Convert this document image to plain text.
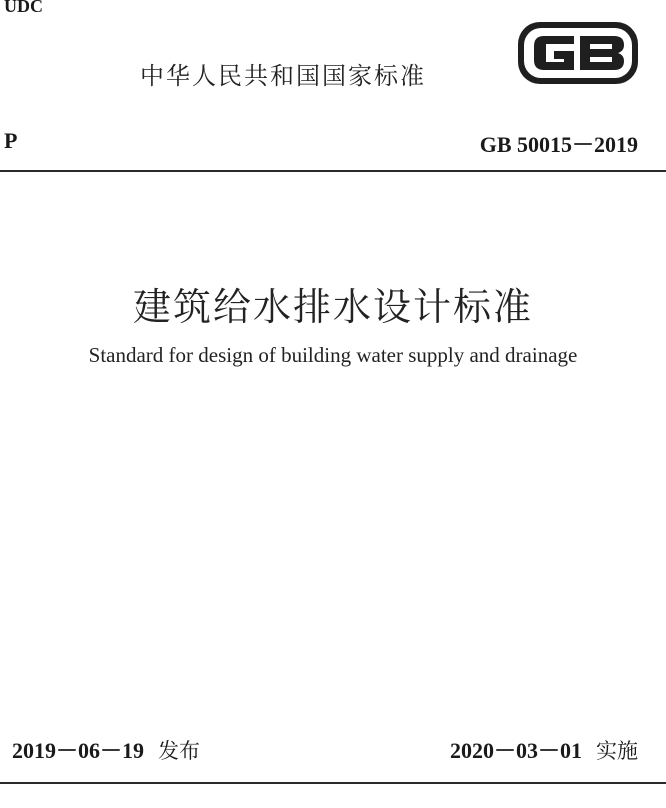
UDC
中华人民共和国国家标准
P	GB 50015－2019
建筑给水排水设计标准
Standard for design of building water supply and drainage
2019－06－19 发布	2020－03－01 实施
